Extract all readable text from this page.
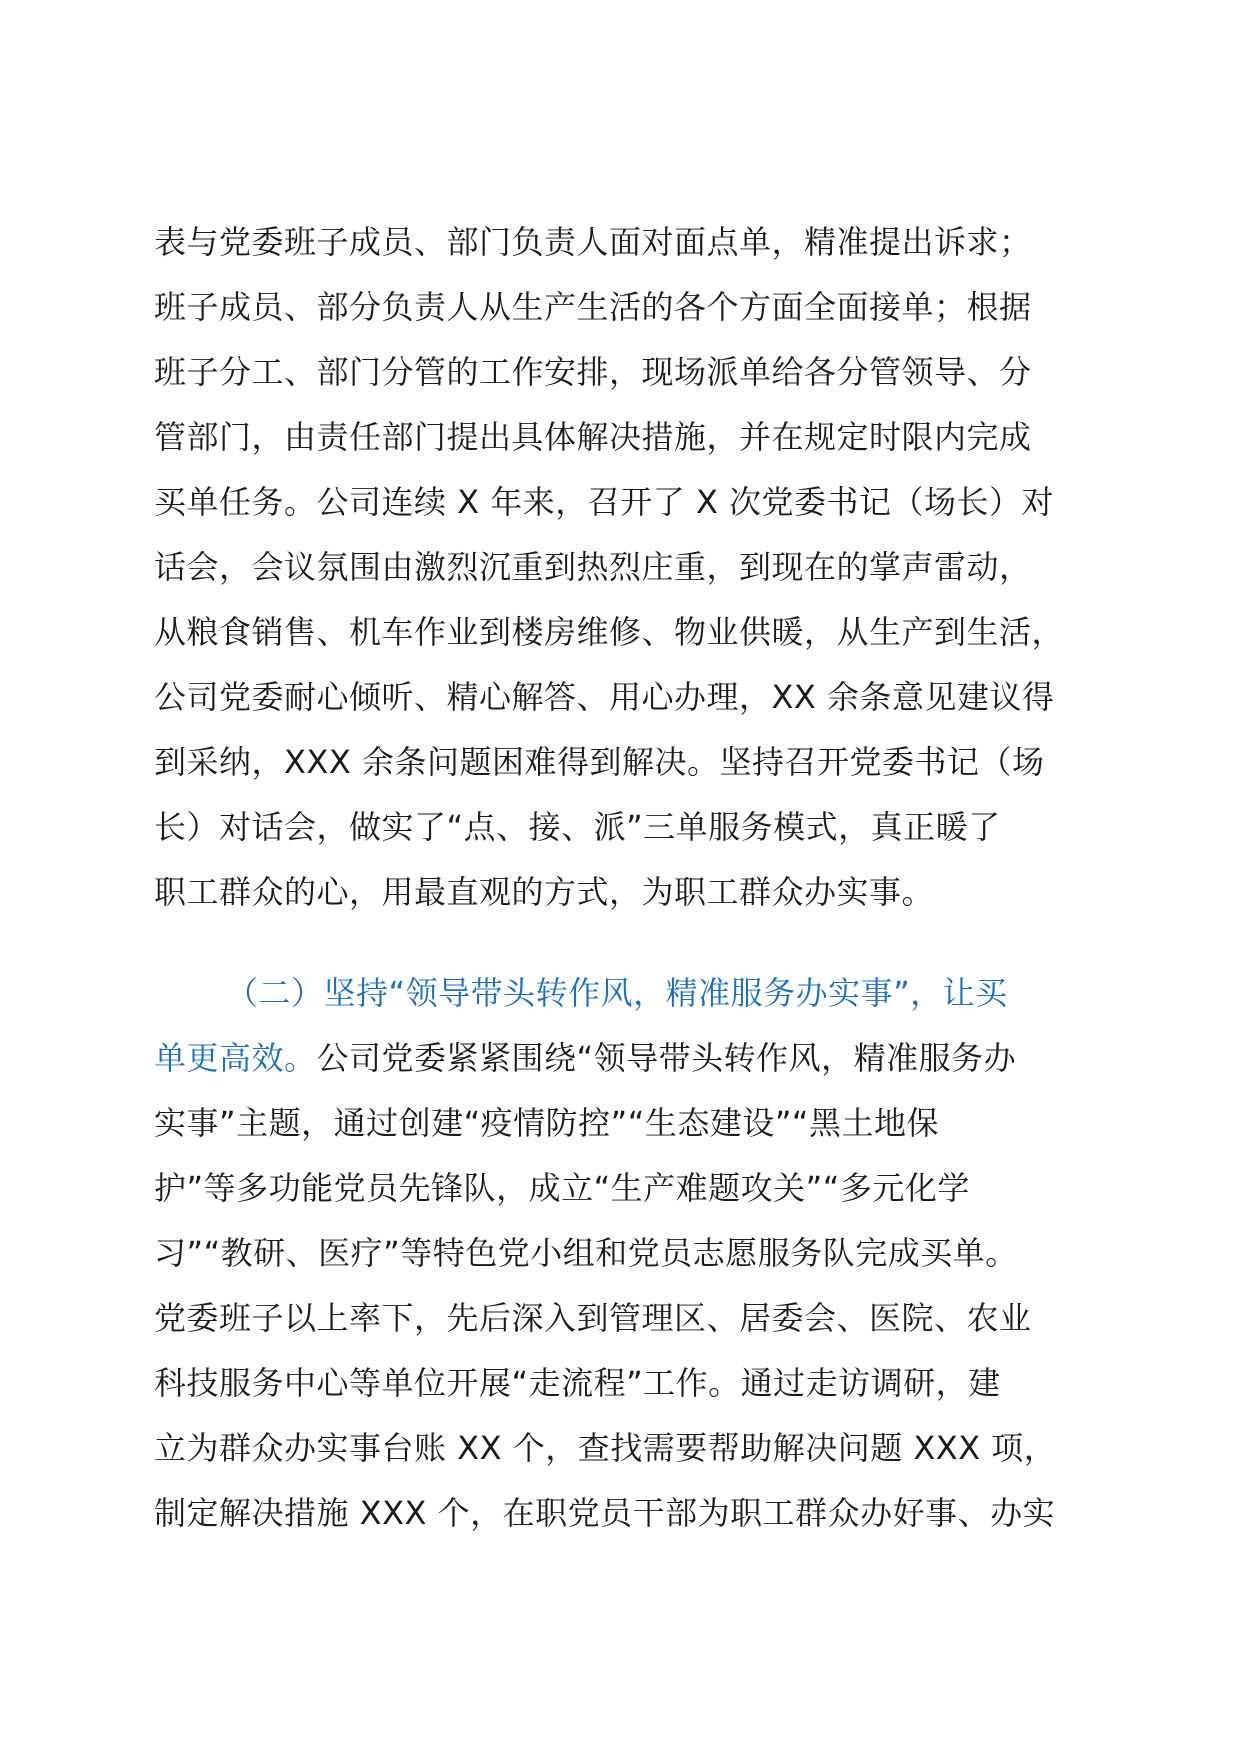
表与党委班子成员、部门负责人面对面点单，精准提出诉求；
班子成员、部分负责人从生产生活的各个方面全面接单；根据
班子分工、部门分管的工作安排，现场派单给各分管领导、分
管部门，由责任部门提出具体解决措施，并在规定时限内完成
买单任务。公司连续 X 年来，召开了 X 次党委书记（场长）对
话会，会议氛围由激烈沉重到热烈庄重，到现在的掌声雷动，
从粮食销售、机车作业到楼房维修、物业供暖，从生产到生活，
公司党委耐心倾听、精心解答、用心办理，XX 余条意见建议得
到采纳，XXX 余条问题困难得到解决。坚持召开党委书记（场
长）对话会，做实了“点、接、派”三单服务模式，真正暖了
职工群众的心，用最直观的方式，为职工群众办实事。
（二）坚持“领导带头转作风，精准服务办实事”，让买
单更高效。公司党委紧紧围绕“领导带头转作风，精准服务办
实事”主题，通过创建“疫情防控”“生态建设”“黑土地保
护”等多功能党员先锋队，成立“生产难题攻关”“多元化学
习”“教研、医疗”等特色党小组和党员志愿服务队完成买单。
党委班子以上率下，先后深入到管理区、居委会、医院、农业
科技服务中心等单位开展“走流程”工作。通过走访调研，建
立为群众办实事台账 XX 个，查找需要帮助解决问题 XXX 项，
制定解决措施 XXX 个，在职党员干部为职工群众办好事、办实
